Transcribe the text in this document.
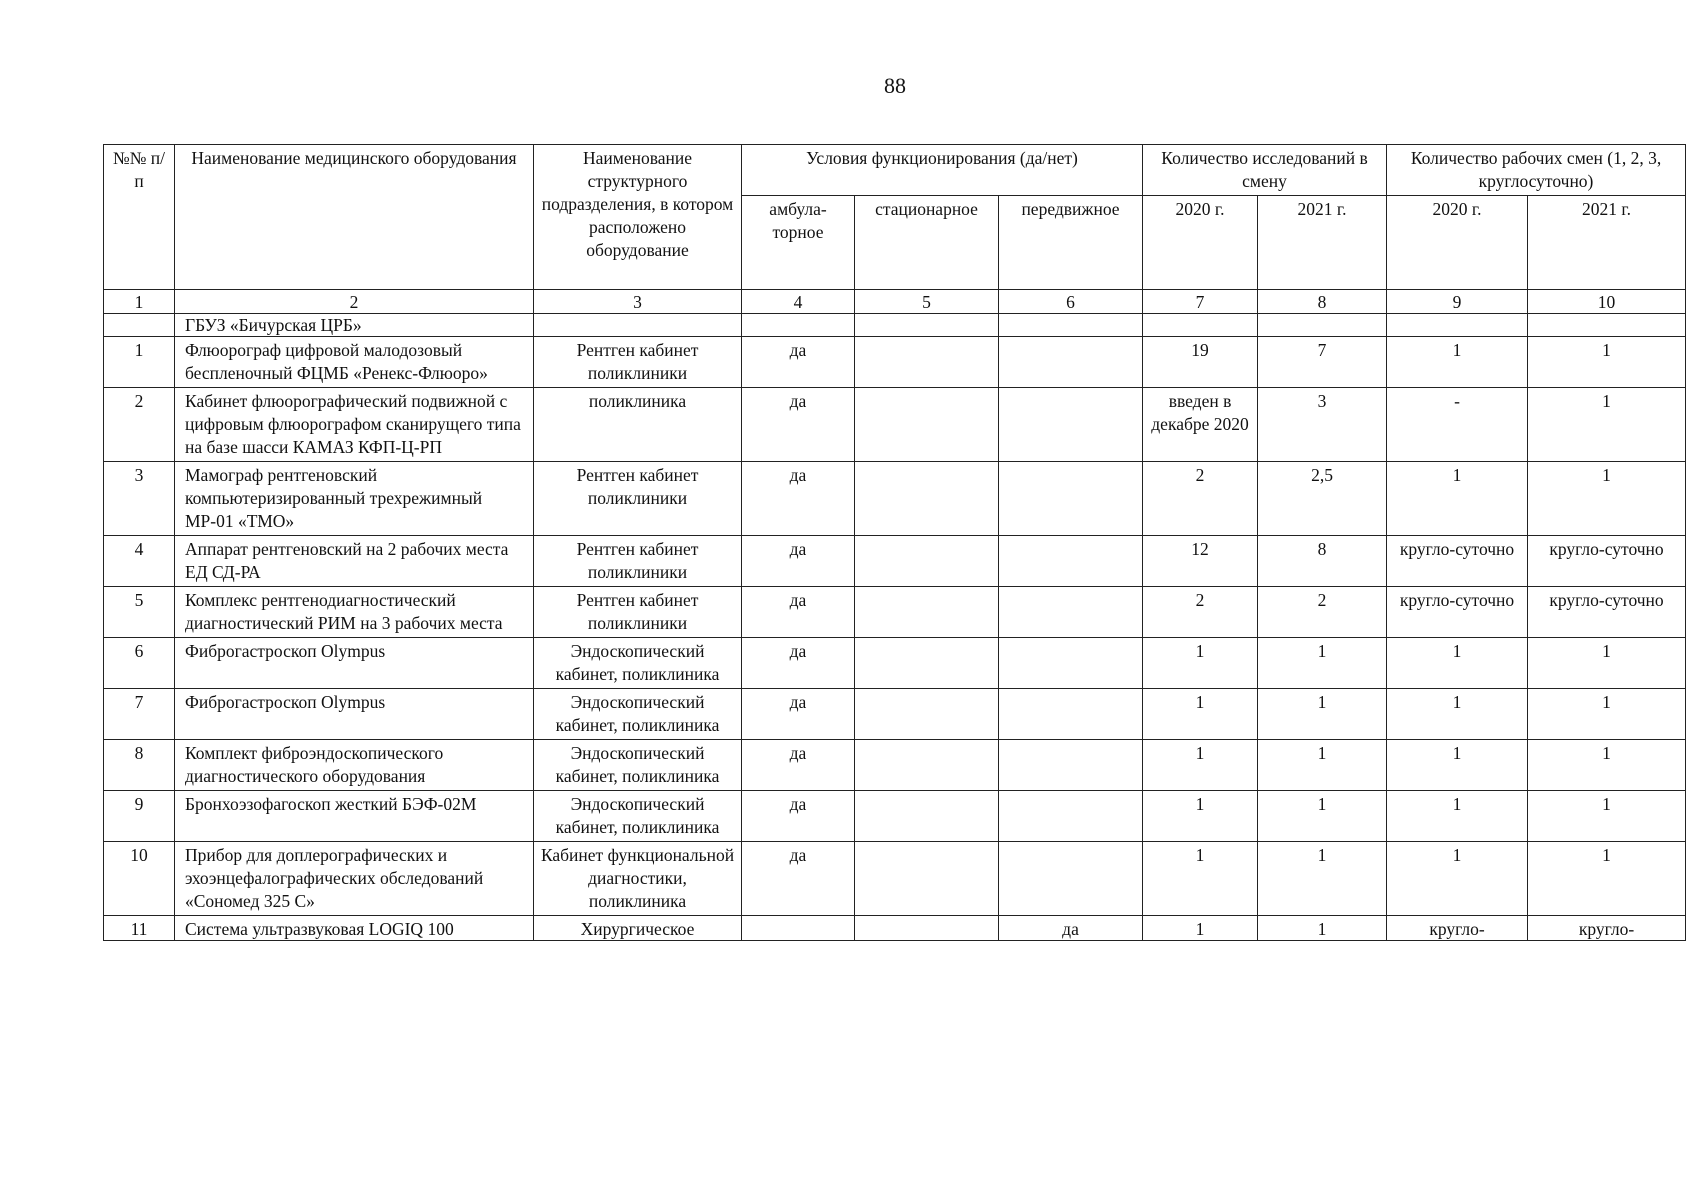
88
№№ п/п	Наименование медицинского оборудования	Наименование структурного подразделения, в котором расположено оборудование	Условия функционирования (да/нет)			Количество исследований в смену		Количество рабочих смен (1, 2, 3, круглосуточно)	
			амбула-торное	стационарное	передвижное	2020 г.	2021 г.	2020 г.	2021 г.
1	2	3	4	5	6	7	8	9	10
	ГБУЗ «Бичурская ЦРБ»								
1	Флюорограф цифровой малодозовый беспленочный ФЦМБ «Ренекс-Флюоро»	Рентген кабинет поликлиники	да			19	7	1	1
2	Кабинет флюорографический подвижной с цифровым флюорографом сканирущего типа на базе шасси КАМАЗ КФП-Ц-РП	поликлиника	да			введен в декабре 2020	3	-	1
3	Мамограф рентгеновский компьютеризированный трехрежимный МР-01 «ТМО»	Рентген кабинет поликлиники	да			2	2,5	1	1
4	Аппарат рентгеновский на 2 рабочих места ЕД СД-РА	Рентген кабинет поликлиники	да			12	8	кругло-суточно	кругло-суточно
5	Комплекс рентгенодиагностический диагностический РИМ на 3 рабочих места	Рентген кабинет поликлиники	да			2	2	кругло-суточно	кругло-суточно
6	Фиброгастроскоп Olympus	Эндоскопический кабинет, поликлиника	да			1	1	1	1
7	Фиброгастроскоп Olympus	Эндоскопический кабинет, поликлиника	да			1	1	1	1
8	Комплект фиброэндоскопического диагностического оборудования	Эндоскопический кабинет, поликлиника	да			1	1	1	1
9	Бронхоэзофагоскоп жесткий БЭФ-02М	Эндоскопический кабинет, поликлиника	да			1	1	1	1
10	Прибор для доплерографических и эхоэнцефалографических обследований «Сономед 325 С»	Кабинет функциональной диагностики, поликлиника	да			1	1	1	1
11	Система ультразвуковая LOGIQ 100	Хирургическое			да	1	1	кругло-	кругло-
